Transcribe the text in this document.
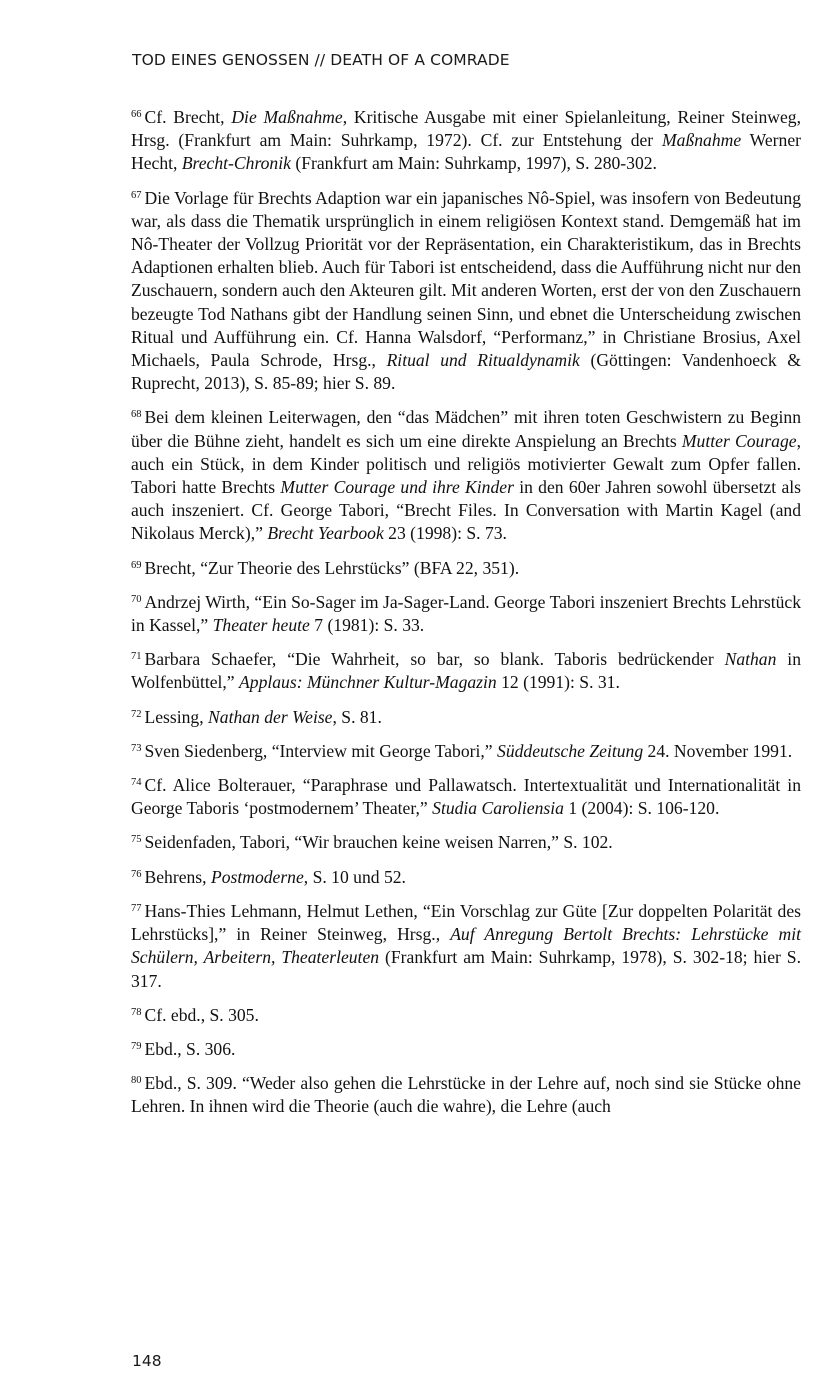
TOD EINES GENOSSEN // DEATH OF A COMRADE

$^{66}$ Cf. Brecht, Die Maßnahme, Kritische Ausgabe mit einer Spielanleitung, Reiner Steinweg, Hrsg. (Frankfurt am Main: Suhrkamp, 1972). Cf. zur Entstehung der Maßnahme Werner Hecht, Brecht-Chronik (Frankfurt am Main: Suhrkamp, 1997), S. 280-302.

$^{67}$ Die Vorlage für Brechts Adaption war ein japanisches Nô-Spiel, was insofern von Bedeutung war, als dass die Thematik ursprünglich in einem religiösen Kontext stand. Demgemäß hat im Nô-Theater der Vollzug Priorität vor der Repräsentation, ein Charakteristikum, das in Brechts Adaptionen erhalten blieb. Auch für Tabori ist entscheidend, dass die Aufführung nicht nur den Zuschauern, sondern auch den Akteuren gilt. Mit anderen Worten, erst der von den Zuschauern bezeugte Tod Nathans gibt der Handlung seinen Sinn, und ebnet die Unterscheidung zwischen Ritual und Aufführung ein. Cf. Hanna Walsdorf, “Performanz,” in Christiane Brosius, Axel Michaels, Paula Schrode, Hrsg., Ritual und Ritualdynamik (Göttingen: Vandenhoeck & Ruprecht, 2013), S. 85-89; hier S. 89.

$^{68}$ Bei dem kleinen Leiterwagen, den “das Mädchen” mit ihren toten Geschwistern zu Beginn über die Bühne zieht, handelt es sich um eine direkte Anspielung an Brechts Mutter Courage, auch ein Stück, in dem Kinder politisch und religiös motivierter Gewalt zum Opfer fallen. Tabori hatte Brechts Mutter Courage und ihre Kinder in den 60er Jahren sowohl übersetzt als auch inszeniert. Cf. George Tabori, “Brecht Files. In Conversation with Martin Kagel (and Nikolaus Merck),” Brecht Yearbook 23 (1998): S. 73.

$^{69}$ Brecht, “Zur Theorie des Lehrstücks” (BFA 22, 351).

$^{70}$ Andrzej Wirth, “Ein So-Sager im Ja-Sager-Land. George Tabori inszeniert Brechts Lehrstück in Kassel,” Theater heute 7 (1981): S. 33.

$^{71}$ Barbara Schaefer, “Die Wahrheit, so bar, so blank. Taboris bedrückender Nathan in Wolfenbüttel,” Applaus: Münchner Kultur-Magazin 12 (1991): S. 31.

$^{72}$ Lessing, Nathan der Weise, S. 81.

$^{73}$ Sven Siedenberg, “Interview mit George Tabori,” Süddeutsche Zeitung 24. November 1991.

$^{74}$ Cf. Alice Bolterauer, “Paraphrase und Pallawatsch. Intertextualität und Internationalität in George Taboris ‘postmodernem’ Theater,” Studia Caroliensia 1 (2004): S. 106-120.

$^{75}$ Seidenfaden, Tabori, “Wir brauchen keine weisen Narren,” S. 102.

$^{76}$ Behrens, Postmoderne, S. 10 und 52.

$^{77}$ Hans-Thies Lehmann, Helmut Lethen, “Ein Vorschlag zur Güte [Zur doppelten Polarität des Lehrstücks],” in Reiner Steinweg, Hrsg., Auf Anregung Bertolt Brechts: Lehrstücke mit Schülern, Arbeitern, Theaterleuten (Frankfurt am Main: Suhrkamp, 1978), S. 302-18; hier S. 317.

$^{78}$ Cf. ebd., S. 305.

$^{79}$ Ebd., S. 306.

$^{80}$ Ebd., S. 309. “Weder also gehen die Lehrstücke in der Lehre auf, noch sind sie Stücke ohne Lehren. In ihnen wird die Theorie (auch die wahre), die Lehre (auch

148
